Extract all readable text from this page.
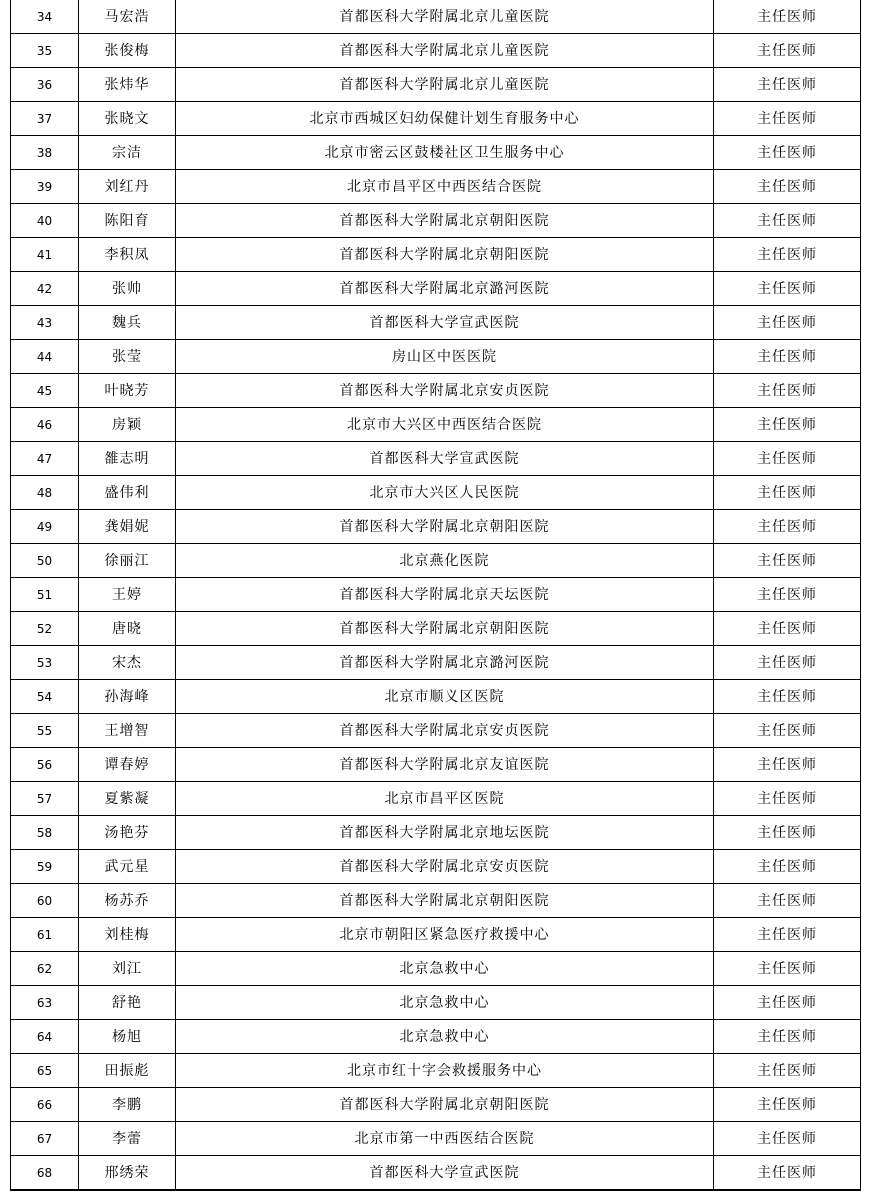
34	马宏浩	首都医科大学附属北京儿童医院	主任医师
35	张俊梅	首都医科大学附属北京儿童医院	主任医师
36	张炜华	首都医科大学附属北京儿童医院	主任医师
37	张晓文	北京市西城区妇幼保健计划生育服务中心	主任医师
38	宗洁	北京市密云区鼓楼社区卫生服务中心	主任医师
39	刘红丹	北京市昌平区中西医结合医院	主任医师
40	陈阳育	首都医科大学附属北京朝阳医院	主任医师
41	李积凤	首都医科大学附属北京朝阳医院	主任医师
42	张帅	首都医科大学附属北京潞河医院	主任医师
43	魏兵	首都医科大学宣武医院	主任医师
44	张莹	房山区中医医院	主任医师
45	叶晓芳	首都医科大学附属北京安贞医院	主任医师
46	房颖	北京市大兴区中西医结合医院	主任医师
47	雒志明	首都医科大学宣武医院	主任医师
48	盛伟利	北京市大兴区人民医院	主任医师
49	龚娟妮	首都医科大学附属北京朝阳医院	主任医师
50	徐丽江	北京燕化医院	主任医师
51	王婷	首都医科大学附属北京天坛医院	主任医师
52	唐晓	首都医科大学附属北京朝阳医院	主任医师
53	宋杰	首都医科大学附属北京潞河医院	主任医师
54	孙海峰	北京市顺义区医院	主任医师
55	王增智	首都医科大学附属北京安贞医院	主任医师
56	谭春婷	首都医科大学附属北京友谊医院	主任医师
57	夏紫凝	北京市昌平区医院	主任医师
58	汤艳芬	首都医科大学附属北京地坛医院	主任医师
59	武元星	首都医科大学附属北京安贞医院	主任医师
60	杨苏乔	首都医科大学附属北京朝阳医院	主任医师
61	刘桂梅	北京市朝阳区紧急医疗救援中心	主任医师
62	刘江	北京急救中心	主任医师
63	舒艳	北京急救中心	主任医师
64	杨旭	北京急救中心	主任医师
65	田振彪	北京市红十字会救援服务中心	主任医师
66	李鹏	首都医科大学附属北京朝阳医院	主任医师
67	李蕾	北京市第一中西医结合医院	主任医师
68	邢绣荣	首都医科大学宣武医院	主任医师
